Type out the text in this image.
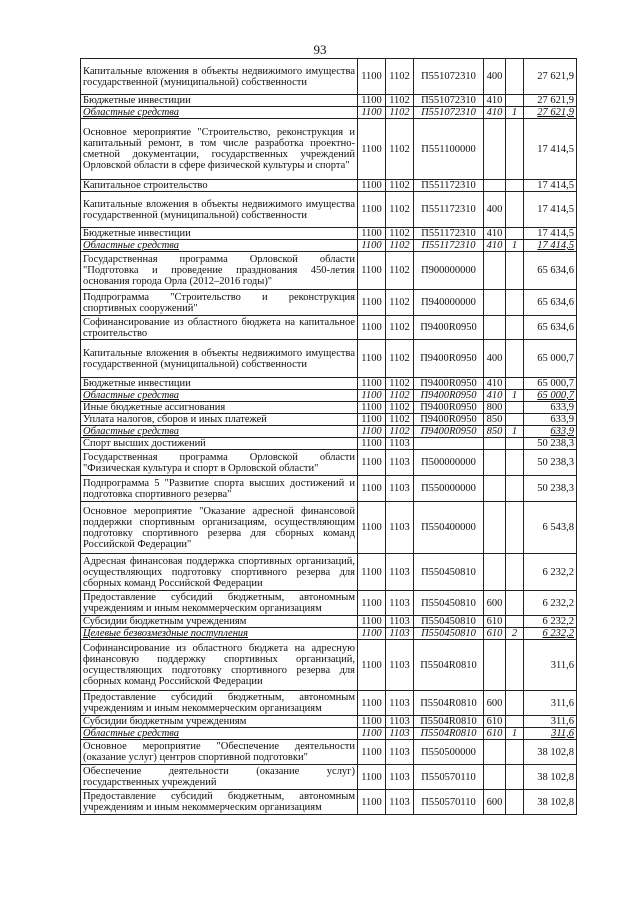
93
Капитальные вложения в объекты недвижимого имущества государственной (муниципальной) собственности	1100	1102	П551072310	400		27 621,9
Бюджетные инвестиции	1100	1102	П551072310	410		27 621,9
Областные средства	1100	1102	П551072310	410	1	27 621,9
Основное мероприятие "Строительство, реконструкция и капитальный ремонт, в том числе разработка проектно-сметной документации, государственных учреждений Орловской области в сфере физической культуры и спорта"	1100	1102	П551100000			17 414,5
Капитальное строительство	1100	1102	П551172310			17 414,5
Капитальные вложения в объекты недвижимого имущества государственной (муниципальной) собственности	1100	1102	П551172310	400		17 414,5
Бюджетные инвестиции	1100	1102	П551172310	410		17 414,5
Областные средства	1100	1102	П551172310	410	1	17 414,5
Государственная программа Орловской области "Подготовка и проведение празднования 450-летия основания города Орла (2012–2016 годы)"	1100	1102	П900000000			65 634,6
Подпрограмма "Строительство и реконструкция спортивных сооружений"	1100	1102	П940000000			65 634,6
Софинансирование из областного бюджета на капитальное строительство	1100	1102	П9400R0950			65 634,6
Капитальные вложения в объекты недвижимого имущества государственной (муниципальной) собственности	1100	1102	П9400R0950	400		65 000,7
Бюджетные инвестиции	1100	1102	П9400R0950	410		65 000,7
Областные средства	1100	1102	П9400R0950	410	1	65 000,7
Иные бюджетные ассигнования	1100	1102	П9400R0950	800		633,9
Уплата налогов, сборов и иных платежей	1100	1102	П9400R0950	850		633,9
Областные средства	1100	1102	П9400R0950	850	1	633,9
Спорт высших достижений	1100	1103				50 238,3
Государственная программа Орловской области "Физическая культура и спорт в Орловской области"	1100	1103	П500000000			50 238,3
Подпрограмма 5 "Развитие спорта высших достижений и подготовка спортивного резерва"	1100	1103	П550000000			50 238,3
Основное мероприятие "Оказание адресной финансовой поддержки спортивным организациям, осуществляющим подготовку спортивного резерва для сборных команд Российской Федерации"	1100	1103	П550400000			6 543,8
Адресная финансовая поддержка спортивных организаций, осуществляющих подготовку спортивного резерва для сборных команд Российской Федерации	1100	1103	П550450810			6 232,2
Предоставление субсидий бюджетным, автономным учреждениям и иным некоммерческим организациям	1100	1103	П550450810	600		6 232,2
Субсидии бюджетным учреждениям	1100	1103	П550450810	610		6 232,2
Целевые безвозмездные поступления	1100	1103	П550450810	610	2	6 232,2
Софинансирование из областного бюджета на адресную финансовую поддержку спортивных организаций, осуществляющих подготовку спортивного резерва для сборных команд Российской Федерации	1100	1103	П5504R0810			311,6
Предоставление субсидий бюджетным, автономным учреждениям и иным некоммерческим организациям	1100	1103	П5504R0810	600		311,6
Субсидии бюджетным учреждениям	1100	1103	П5504R0810	610		311,6
Областные средства	1100	1103	П5504R0810	610	1	311,6
Основное мероприятие "Обеспечение деятельности (оказание услуг) центров спортивной подготовки"	1100	1103	П550500000			38 102,8
Обеспечение деятельности (оказание услуг) государственных учреждений	1100	1103	П550570110			38 102,8
Предоставление субсидий бюджетным, автономным учреждениям и иным некоммерческим организациям	1100	1103	П550570110	600		38 102,8
